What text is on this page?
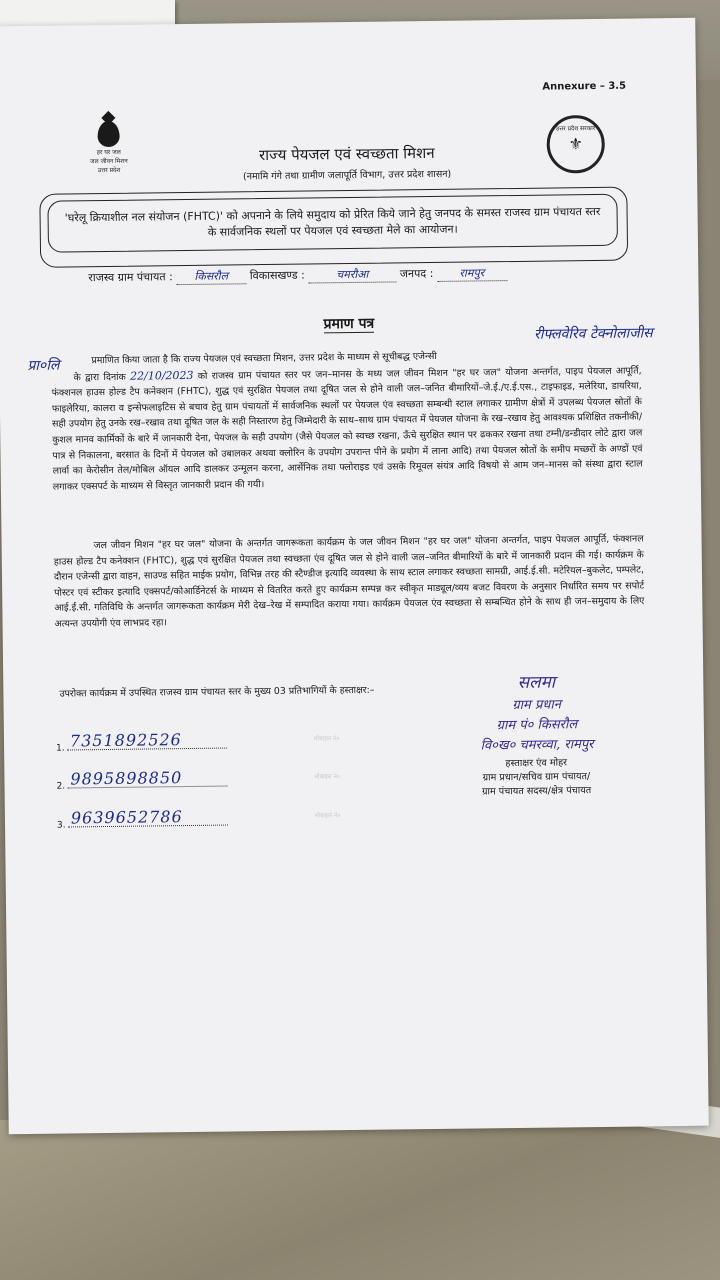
Annexure – 3.5
हर घर जल
जल जीवन मिशन
उत्तर प्रदेश
उत्तर प्रदेश सरकार
⚜
राज्य पेयजल एवं स्वच्छता मिशन
(नमामि गंगे तथा ग्रामीण जलापूर्ति विभाग, उत्तर प्रदेश शासन)
'घरेलू क्रियाशील नल संयोजन (FHTC)' को अपनाने के लिये समुदाय को प्रेरित किये जाने हेतु जनपद के समस्त राजस्व ग्राम पंचायत स्तर के सार्वजनिक स्थलों पर पेयजल एवं स्वच्छता मेले का आयोजन।
राजस्व ग्राम पंचायत : किसरौल विकासखण्ड :	चमरौआ	जनपद : रामपुर
प्रमाण पत्र
रीफ्लवेरिव टेक्नोलाजीस
प्रा०लि	प्रमाणित किया जाता है कि राज्य पेयजल एवं स्वच्छता मिशन, उत्तर प्रदेश के माध्यम से सूचीबद्ध एजेन्सी
के द्वारा दिनांक 22/10/2023 को राजस्व ग्राम पंचायत स्तर पर जन–मानस के मध्य जल जीवन मिशन "हर घर जल" योजना अन्तर्गत, पाइप पेयजल आपूर्ति, फंक्शनल हाउस होल्ड टैप कनेक्शन (FHTC), शुद्ध एवं सुरक्षित पेयजल तथा दूषित जल से होने वाली जल–जनित बीमारियों–जे.ई./ए.ई.एस., टाइफाइड, मलेरिया, डायरिया, फाइलेरिया, कालरा व इन्सेफलाइटिस से बचाव हेतु ग्राम पंचायतों में सार्वजनिक स्थलों पर पेयजल एंव स्वच्छता सम्बन्धी स्टाल लगाकर ग्रामीण क्षेत्रों में उपलब्ध पेयजल स्रोतों के सही उपयोग हेतु उनके रख–रखाव तथा दूषित जल के सही निस्तारण हेतु जिम्मेदारी के साथ–साथ ग्राम पंचायत में पेयजल योजना के रख–रखाव हेतु आवश्यक प्रशिक्षित तकनीकी/कुशल मानव कार्मिकों के बारे में जानकारी देना, पेयजल के सही उपयोग (जैसे पेयजल को स्वच्छ रखना, ऊँचे सुरक्षित स्थान पर ढककर रखना तथा टम्नी/डन्डीदार लोटे द्वारा जल पात्र से निकालना, बरसात के दिनों में पेयजल को उबालकर अथवा क्लोरिन के उपयोग उपरान्त पीने के प्रयोग में लाना आदि) तथा पेयजल स्रोतों के समीप मच्छरों के अण्डों एवं लार्वा का केरोसीन तेल/मोबिल ऑयल आदि डालकर उन्मूलन करना, आर्सेनिक तथा फ्लोराइड एवं उसके रिमूवल संयंत्र आदि विषयो से आम जन–मानस को संस्था द्वारा स्टाल लगाकर एक्सपर्ट के माध्यम से विस्तृत जानकारी प्रदान की गयी।
जल जीवन मिशन "हर घर जल" योजना के अन्तर्गत जागरूकता कार्यक्रम के जल जीवन मिशन "हर घर जल" योजना अन्तर्गत, पाइप पेयजल आपूर्ति, फंक्शनल हाउस होल्ड टैप कनेक्शन (FHTC), शुद्ध एवं सुरक्षित पेयजल तथा स्वच्छता एंव दूषित जल से होने वाली जल–जनित बीमारियों के बारे में जानकारी प्रदान की गई। कार्यक्रम के दौरान एजेन्सी द्वारा वाहन, साउण्ड सहित माईक प्रयोग, विभिन्न तरह की स्टैण्डीज इत्यादि व्यवस्था के साथ स्टाल लगाकर स्वच्छता सामग्री, आई.ई.सी. मटेरियल–बुकलेट, पम्पलेट, पोस्टर एवं स्टीकर इत्यादि एक्सपर्ट/कोआर्डिनेटर्स के माध्यम से वितरित करते हुए कार्यक्रम सम्पन्न कर स्वीकृत माड्यूल/व्यय बजट विवरण के अनुसार निर्धारित समय पर सपोर्ट आई.ई.सी. गतिविधि के अन्तर्गत जागरूकता कार्यक्रम मेरी देख–रेख में सम्पादित कराया गया। कार्यक्रम पेयजल एंव स्वच्छता से सम्बन्धित होने के साथ ही जन–समुदाय के लिए अत्यन्त उपयोगी एंव लाभप्रद रहा।
उपरोक्त कार्यक्रम में उपस्थित राजस्व ग्राम पंचायत स्तर के मुख्य 03 प्रतिभागियों के हस्ताक्षर:–
1. 7351892526	मोबाइल नं०
2. 9895898850	मोबाइल नं०
3. 9639652786	मोबाइल नं०
सलमा
ग्राम प्रधान
ग्राम पं० किसरौल
वि०ख० चमरव्वा, रामपुर
हस्ताक्षर एंव मोहर
ग्राम प्रधान/सचिव ग्राम पंचायत/
ग्राम पंचायत सदस्य/क्षेत्र पंचायत
